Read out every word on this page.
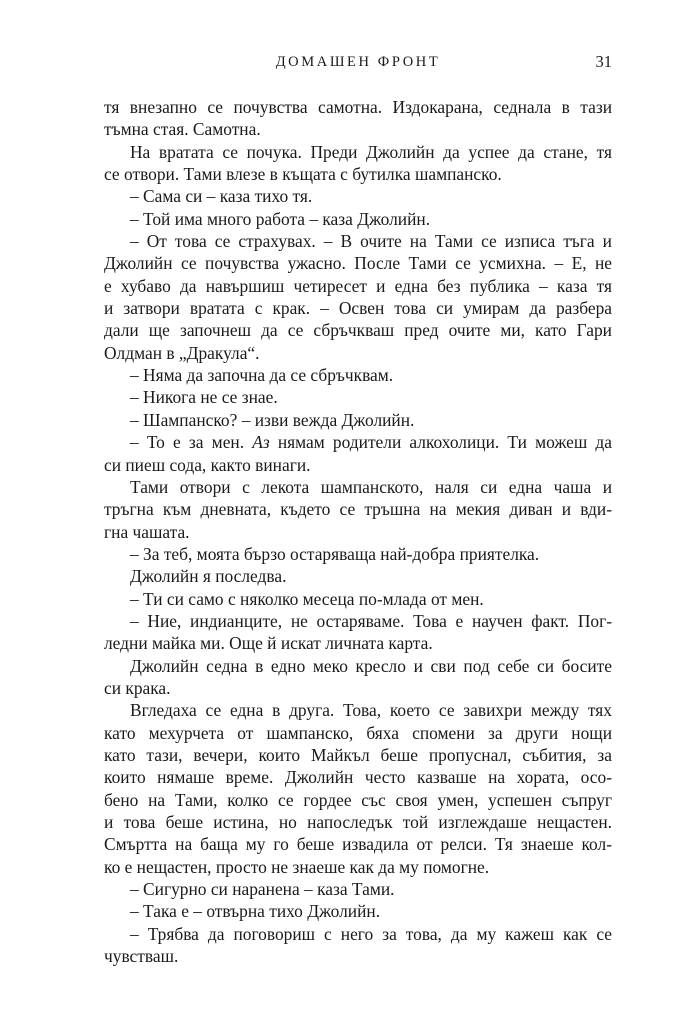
ДОМАШЕН ФРОНТ	31
тя внезапно се почувства самотна. Издокарана, седнала в тази
тъмна стая. Самотна.
На вратата се почука. Преди Джолийн да успее да стане, тя
се отвори. Тами влезе в къщата с бутилка шампанско.
– Сама си – каза тихо тя.
– Той има много работа – каза Джолийн.
– От това се страхувах. – В очите на Тами се изписа тъга и
Джолийн се почувства ужасно. После Тами се усмихна. – Е, не
е хубаво да навършиш четиресет и една без публика – каза тя
и затвори вратата с крак. – Освен това си умирам да разбера
дали ще започнеш да се сбръчкваш пред очите ми, като Гари
Олдман в „Дракула“.
– Няма да започна да се сбръчквам.
– Никога не се знае.
– Шампанско? – изви вежда Джолийн.
– То е за мен. Аз нямам родители алкохолици. Ти можеш да
си пиеш сода, както винаги.
Тами отвори с лекота шампанското, наля си една чаша и
тръгна към дневната, където се тръшна на мекия диван и вди-
гна чашата.
– За теб, моята бързо остаряваща най-добра приятелка.
Джолийн я последва.
– Ти си само с няколко месеца по-млада от мен.
– Ние, индианците, не остаряваме. Това е научен факт. Пог-
ледни майка ми. Още й искат личната карта.
Джолийн седна в едно меко кресло и сви под себе си босите
си крака.
Вгледаха се една в друга. Това, което се завихри между тях
като мехурчета от шампанско, бяха спомени за други нощи
като тази, вечери, които Майкъл беше пропуснал, събития, за
които нямаше време. Джолийн често казваше на хората, осо-
бено на Тами, колко се гордее със своя умен, успешен съпруг
и това беше истина, но напоследък той изглеждаше нещастен.
Смъртта на баща му го беше извадила от релси. Тя знаеше кол-
ко е нещастен, просто не знаеше как да му помогне.
– Сигурно си наранена – каза Тами.
– Така е – отвърна тихо Джолийн.
– Трябва да поговориш с него за това, да му кажеш как се
чувстваш.
